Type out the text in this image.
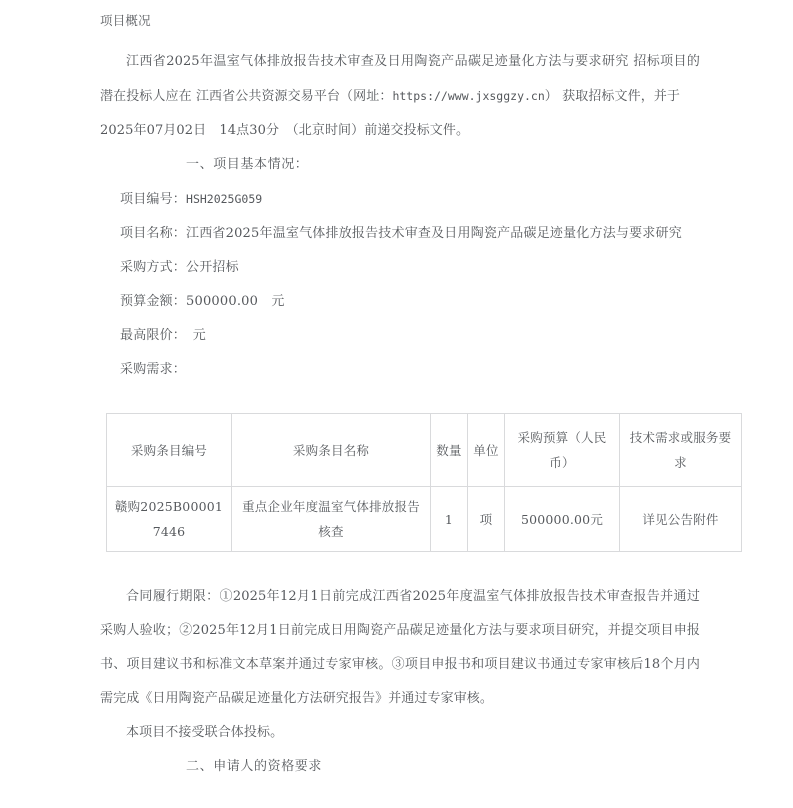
项目概况

江西省2025年温室气体排放报告技术审查及日用陶瓷产品碳足迹量化方法与要求研究 招标项目的潜在投标人应在 江西省公共资源交易平台（网址：https://www.jxsggzy.cn） 获取招标文件，并于

2025年07月02日　14点30分　（北京时间）前递交投标文件。

一、项目基本情况：
项目编号：HSH2025G059
项目名称：江西省2025年温室气体排放报告技术审查及日用陶瓷产品碳足迹量化方法与要求研究
采购方式：公开招标
预算金额：500000.00　元
最高限价：　元
采购需求：
采购条目编号	采购条目名称	数量	单位	采购预算（人民币）	技术需求或服务要求
赣购2025B000017446	重点企业年度温室气体排放报告核查	1	项	500000.00元	详见公告附件

合同履行期限：①2025年12月1日前完成江西省2025年度温室气体排放报告技术审查报告并通过采购人验收；②2025年12月1日前完成日用陶瓷产品碳足迹量化方法与要求项目研究，并提交项目申报书、项目建议书和标准文本草案并通过专家审核。③项目申报书和项目建议书通过专家审核后18个月内需完成《日用陶瓷产品碳足迹量化方法研究报告》并通过专家审核。

本项目不接受联合体投标。

二、申请人的资格要求
